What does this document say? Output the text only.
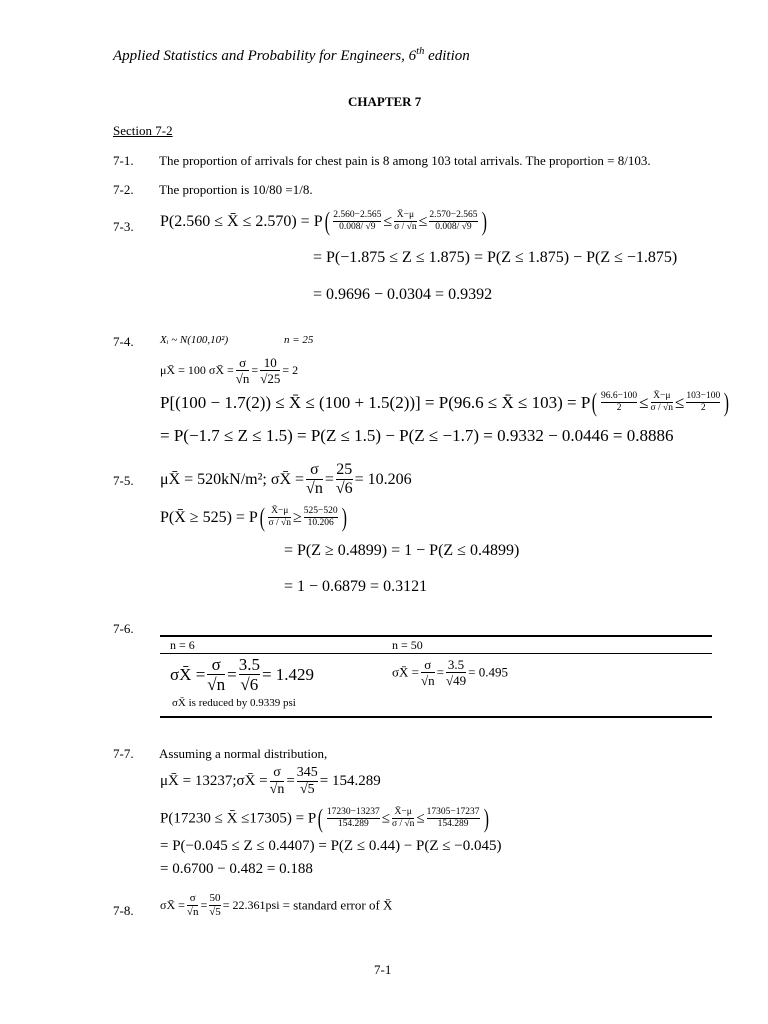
Applied Statistics and Probability for Engineers, 6th edition
CHAPTER 7
Section 7-2
7-1. The proportion of arrivals for chest pain is 8 among 103 total arrivals. The proportion = 8/103.
7-2. The proportion is 10/80 =1/8.
7-3. P(2.560 ≤ X̄ ≤ $2.570) = P( \frac{2.560-2.565}{0.008/ √9} \le \frac{X̄-\mu}{\sigma / √n} \le \frac{2.570-2.565}{0.008/ √9}$ )
= P(−1.875 ≤ Z ≤ 1.875) = P(Z ≤ 1.875) − P(Z ≤ −1.875)
= 0.9696 − 0.0304 = 0.9392
7-4. Xᵢ ~ N(100,10²)	n = 25
μX̄ = 100 σX̄ = $\frac{\sigma}{√n} = \frac{10}{√25} = 2$
P[(100 − 1.7(2)) ≤ X̄ ≤ (100 + 1.5(2))] = P(96.6 ≤ X̄ ≤ $103) = P( \frac{96.6-100}{2} \le \frac{X̄-\mu}{\sigma / √n} \le \frac{103-100}{2}$ )
= P(−1.7 ≤ Z ≤ 1.5) = P(Z ≤ 1.5) − P(Z ≤ −1.7) = 0.9332 − 0.0446 = 0.8886
7-5. μX̄ = 520kN/m²; σX̄ = $\frac{\sigma}{√n} = \frac{25}{√6} = 10.206$
P(X̄ ≥ $525) = P( \frac{X̄-\mu}{\sigma / √n} \ge \frac{525-520}{10.206}$ )
= P(Z ≥ 0.4899) = 1 − P(Z ≤ 0.4899)
= 1 − 0.6879 = 0.3121
7-6.
n = 6	n = 50
σX̄ = $\frac{\sigma}{√n} = \frac{3.5}{√6} = 1.429$	σX̄ = $\frac{\sigma}{√n} = \frac{3.5}{√49} = 0.495$
σX̄ is reduced by 0.9339 psi
7-7. Assuming a normal distribution,
μX̄ = 13237;σX̄ = $\frac{\sigma}{√n} = \frac{345}{√5} = 154.289$
P(17230 ≤ X̄ $\le 17305) = P( \frac{17230-13237}{154.289} \le \frac{X̄-\mu}{\sigma / √n} \le \frac{17305-17237}{154.289}$ )
= P(−0.045 ≤ Z ≤ 0.4407) = P(Z ≤ 0.44) − P(Z ≤ −0.045)
= 0.6700 − 0.482 = 0.188
7-8. σX̄ = $\frac{\sigma}{√n} = \frac{50}{√5} = 22.361psi$ = standard error of X̄
7-1
